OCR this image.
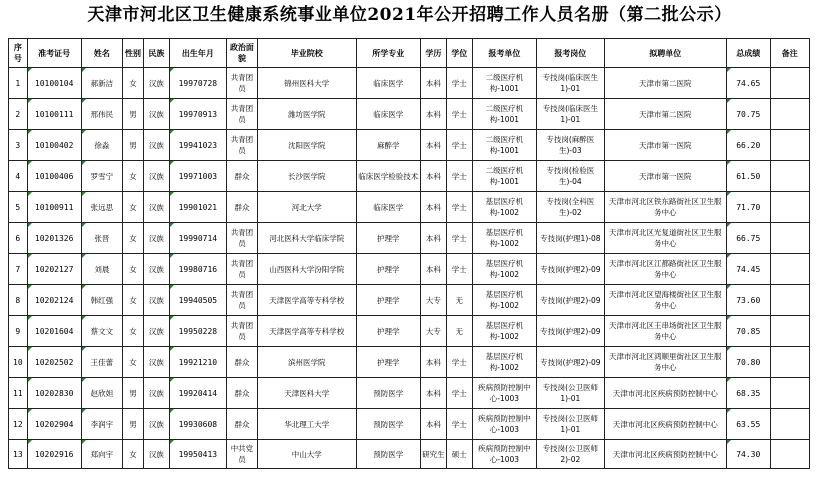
天津市河北区卫生健康系统事业单位2021年公开招聘工作人员名册（第二批公示）
序号	准考证号	姓名	性别	民族	出生年月	政治面貌	毕业院校	所学专业	学历	学位	报考单位	报考岗位	拟聘单位	总成绩	备注
1	10100104	郝新洁	女	汉族	19970728	共青团员	锦州医科大学	临床医学	本科	学士	二级医疗机构-1001	专技岗(临床医生1)-01	天津市第二医院	74.65	
2	10100111	邢伟民	男	汉族	19970913	共青团员	潍坊医学院	临床医学	本科	学士	二级医疗机构-1001	专技岗(临床医生1)-01	天津市第二医院	70.75	
3	10100402	徐淼	男	汉族	19941023	共青团员	沈阳医学院	麻醉学	本科	学士	二级医疗机构-1001	专技岗(麻醉医生)-03	天津市第一医院	66.20	
4	10100406	罗雪宁	女	汉族	19971003	群众	长沙医学院	临床医学检验技术	本科	学士	二级医疗机构-1001	专技岗(检验医生)-04	天津市第一医院	61.50	
5	10100911	张远思	女	汉族	19901021	群众	河北大学	临床医学	本科	学士	基层医疗机构-1002	专技岗(全科医生)-02	天津市河北区铁东路街社区卫生服务中心	71.70	
6	10201326	张晋	女	汉族	19990714	共青团员	河北医科大学临床学院	护理学	本科	学士	基层医疗机构-1002	专技岗(护理1)-08	天津市河北区光复道街社区卫生服务中心	66.75	
7	10202127	刘晨	女	汉族	19980716	共青团员	山西医科大学汾阳学院	护理学	本科	学士	基层医疗机构-1002	专技岗(护理2)-09	天津市河北区江都路街社区卫生服务中心	74.45	
8	10202124	韩红强	女	汉族	19940505	共青团员	天津医学高等专科学校	护理学	大专	无	基层医疗机构-1002	专技岗(护理2)-09	天津市河北区望海楼街社区卫生服务中心	73.60	
9	10201604	蔡文文	女	汉族	19950228	共青团员	天津医学高等专科学校	护理学	大专	无	基层医疗机构-1002	专技岗(护理2)-09	天津市河北区王串场街社区卫生服务中心	70.85	
10	10202502	王佳蕾	女	汉族	19921210	群众	滨州医学院	护理学	本科	学士	基层医疗机构-1002	专技岗(护理2)-09	天津市河北区鸿顺里街社区卫生服务中心	70.80	
11	10202830	赵欣妲	男	汉族	19920414	群众	天津医科大学	预防医学	本科	学士	疾病预防控制中心-1003	专技岗(公卫医师1)-01	天津市河北区疾病预防控制中心	68.35	
12	10202904	李润宇	男	汉族	19930608	群众	华北理工大学	预防医学	本科	学士	疾病预防控制中心-1003	专技岗(公卫医师1)-01	天津市河北区疾病预防控制中心	63.55	
13	10202916	郑向宇	女	汉族	19950413	中共党员	中山大学	预防医学	研究生	硕士	疾病预防控制中心-1003	专技岗(公卫医师2)-02	天津市河北区疾病预防控制中心	74.30	
